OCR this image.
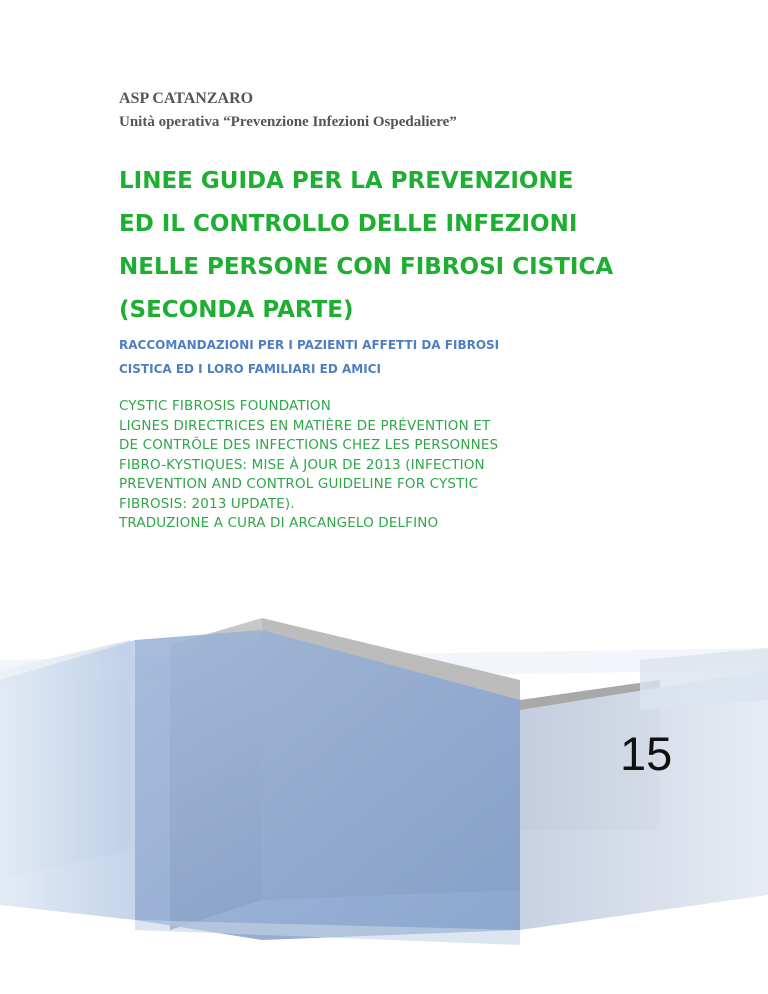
ASP CATANZARO

Unità operativa “Prevenzione Infezioni Ospedaliere”

LINEE GUIDA PER LA PREVENZIONE
ED IL CONTROLLO DELLE INFEZIONI
NELLE PERSONE CON FIBROSI CISTICA
(SECONDA PARTE)
RACCOMANDAZIONI PER I PAZIENTI AFFETTI DA FIBROSI
CISTICA ED I LORO FAMILIARI ED AMICI
CYSTIC FIBROSIS FOUNDATION
LIGNES DIRECTRICES EN MATIÈRE DE PRÉVENTION ET
DE CONTRÔLE DES INFECTIONS CHEZ LES PERSONNES
FIBRO-KYSTIQUES: MISE À JOUR DE 2013 (INFECTION
PREVENTION AND CONTROL GUIDELINE FOR CYSTIC
FIBROSIS: 2013 UPDATE).
TRADUZIONE A CURA DI ARCANGELO DELFINO
15
